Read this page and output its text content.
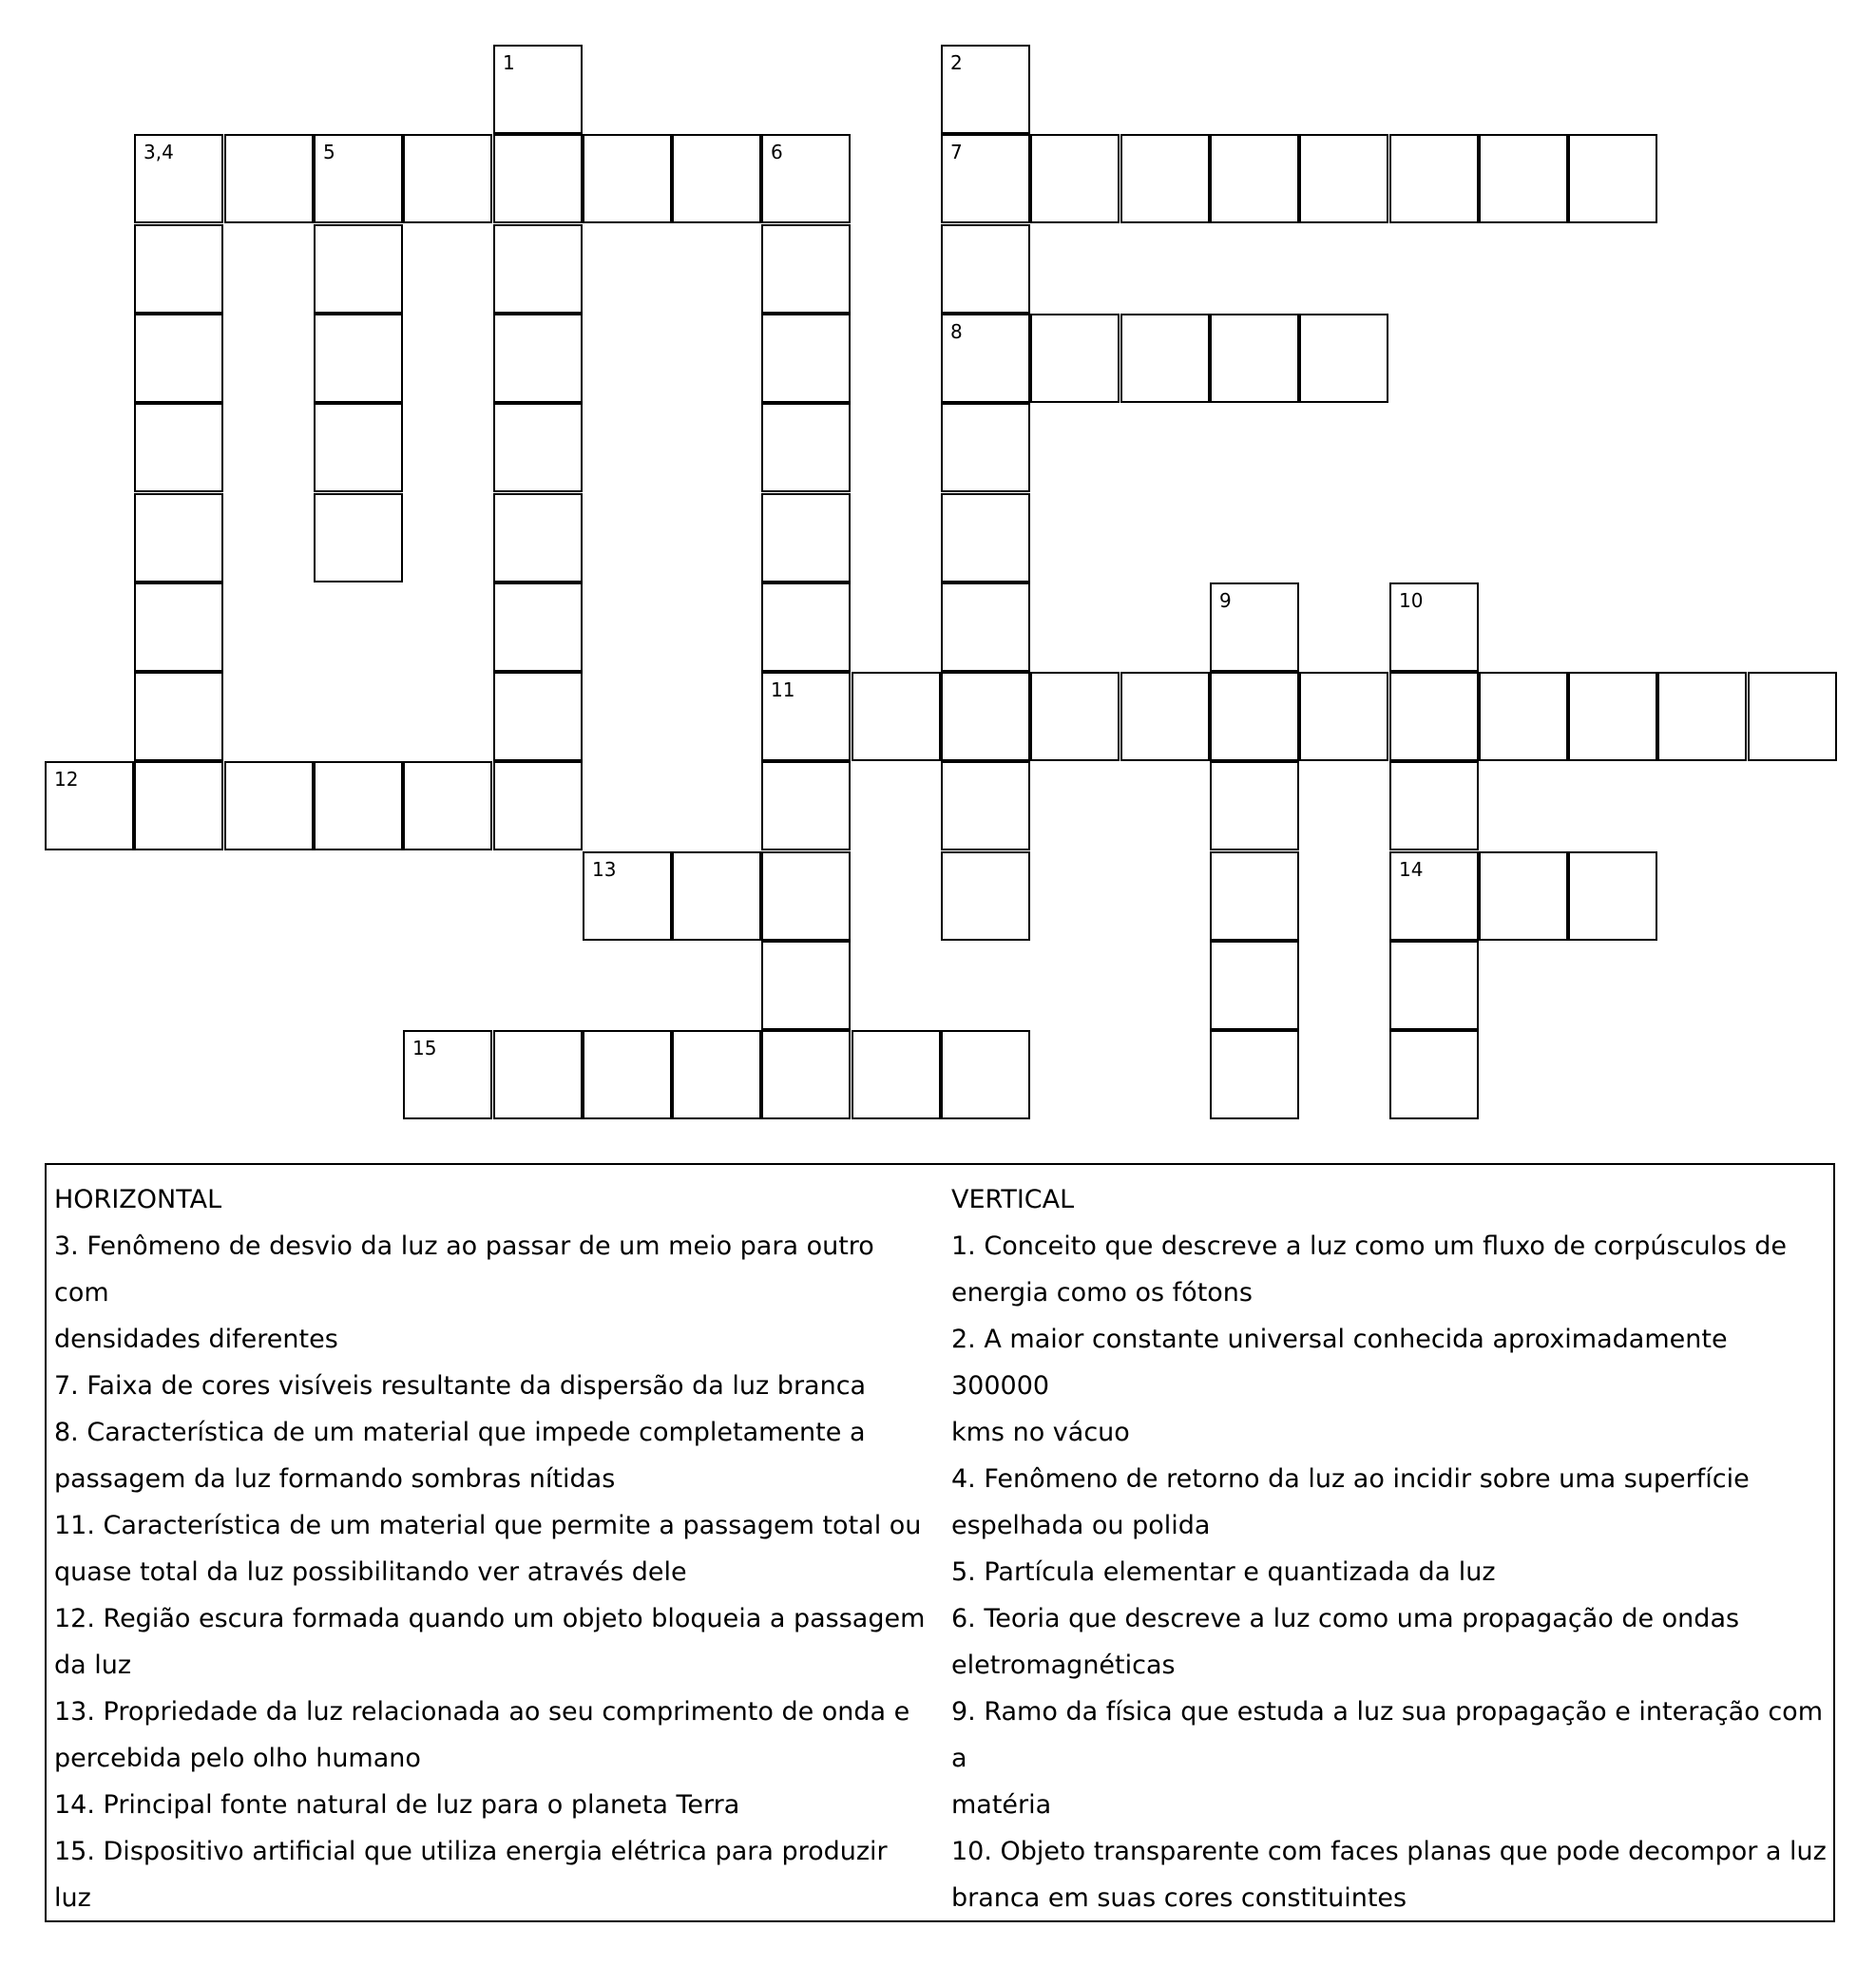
1	2
3,4	5	6	7
8
9	10
11
12
13	14
15
HORIZONTAL
3. Fenômeno de desvio da luz ao passar de um meio para outro com
densidades diferentes
7. Faixa de cores visíveis resultante da dispersão da luz branca
8. Característica de um material que impede completamente a
passagem da luz formando sombras nítidas
11. Característica de um material que permite a passagem total ou
quase total da luz possibilitando ver através dele
12. Região escura formada quando um objeto bloqueia a passagem
da luz
13. Propriedade da luz relacionada ao seu comprimento de onda e
percebida pelo olho humano
14. Principal fonte natural de luz para o planeta Terra
15. Dispositivo artificial que utiliza energia elétrica para produzir
luz
VERTICAL
1. Conceito que descreve a luz como um fluxo de corpúsculos de
energia como os fótons
2. A maior constante universal conhecida aproximadamente 300000
kms no vácuo
4. Fenômeno de retorno da luz ao incidir sobre uma superfície
espelhada ou polida
5. Partícula elementar e quantizada da luz
6. Teoria que descreve a luz como uma propagação de ondas
eletromagnéticas
9. Ramo da física que estuda a luz sua propagação e interação com a
matéria
10. Objeto transparente com faces planas que pode decompor a luz
branca em suas cores constituintes
